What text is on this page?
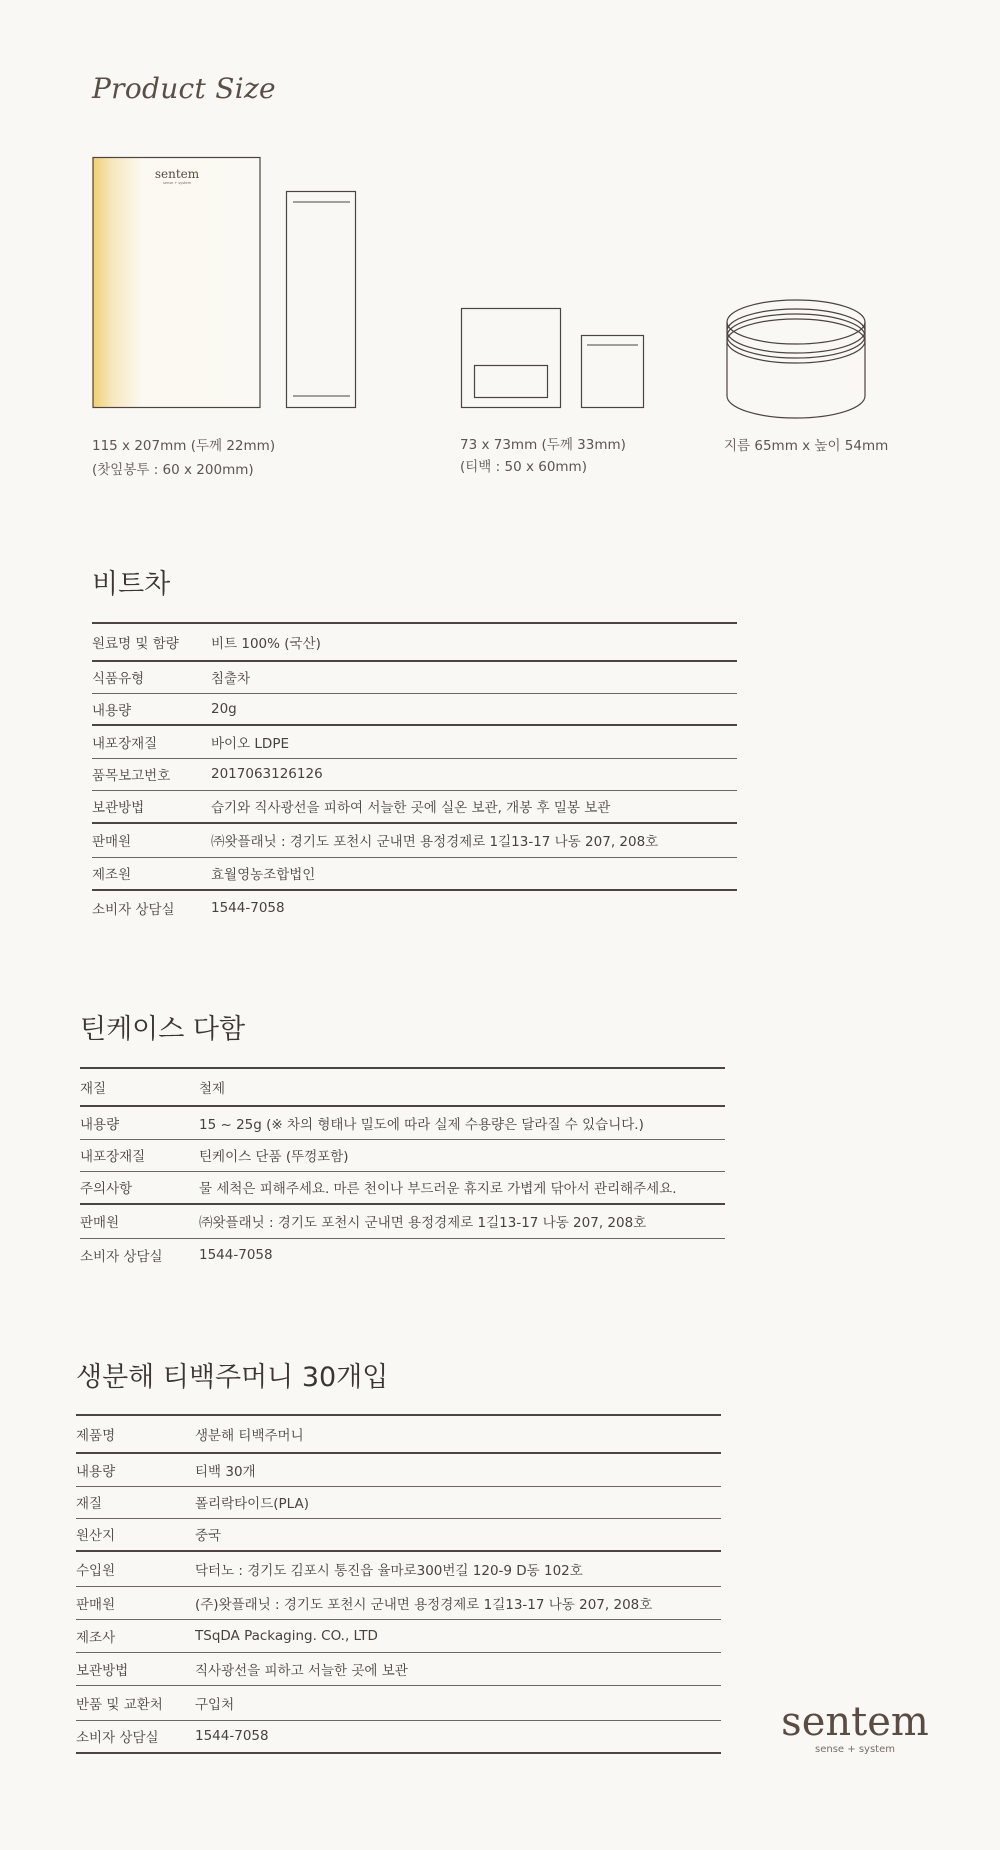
Product Size
sentem
sense + system
115 x 207mm (두께 22mm)
(찻잎봉투 : 60 x 200mm)
73 x 73mm (두께 33mm)
(티백 : 50 x 60mm)
지름 65mm x 높이 54mm
비트차
원료명 및 함량	비트 100% (국산)
식품유형	침출차
내용량	20g
내포장재질	바이오 LDPE
품목보고번호	2017063126126
보관방법	습기와 직사광선을 피하여 서늘한 곳에 실온 보관, 개봉 후 밀봉 보관
판매원	㈜왓플래닛 : 경기도 포천시 군내면 용정경제로 1길13-17 나동 207, 208호
제조원	효월영농조합법인
소비자 상담실	1544-7058
틴케이스 다함
재질	철제
내용량	15 ~ 25g (※ 차의 형태나 밀도에 따라 실제 수용량은 달라질 수 있습니다.)
내포장재질	틴케이스 단품 (뚜껑포함)
주의사항	물 세척은 피해주세요. 마른 천이나 부드러운 휴지로 가볍게 닦아서 관리해주세요.
판매원	㈜왓플래닛 : 경기도 포천시 군내면 용정경제로 1길13-17 나동 207, 208호
소비자 상담실	1544-7058
생분해 티백주머니 30개입
제품명	생분해 티백주머니
내용량	티백 30개
재질	폴리락타이드(PLA)
원산지	중국
수입원	닥터노 : 경기도 김포시 통진읍 율마로300번길 120-9 D동 102호
판매원	(주)왓플래닛 : 경기도 포천시 군내면 용정경제로 1길13-17 나동 207, 208호
제조사	TSqDA Packaging. CO., LTD
보관방법	직사광선을 피하고 서늘한 곳에 보관
반품 및 교환처	구입처
소비자 상담실	1544-7058	sentem
sense + system
